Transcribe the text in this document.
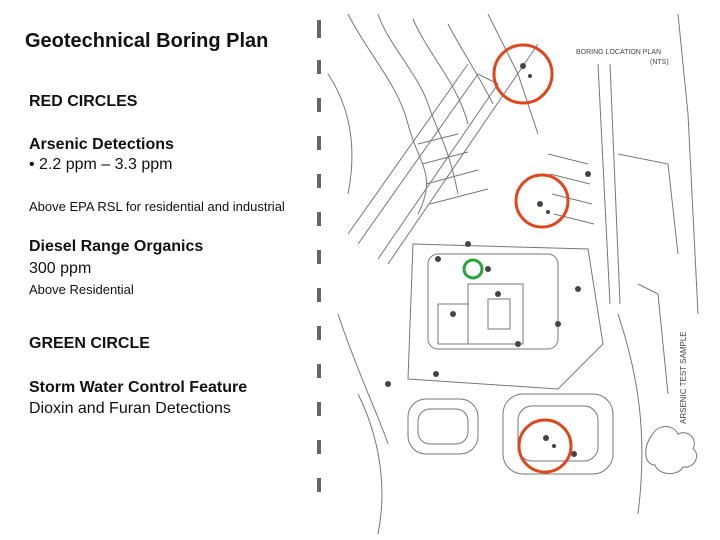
Geotechnical Boring Plan

RED CIRCLES

Arsenic Detections

• 2.2 ppm – 3.3 ppm

Above EPA RSL for residential and industrial

Diesel Range Organics

300 ppm

Above Residential

GREEN CIRCLE

Storm Water Control Feature

Dioxin and Furan Detections

BORING LOCATION PLAN
(NTS)
ARSENIC TEST SAMPLE
